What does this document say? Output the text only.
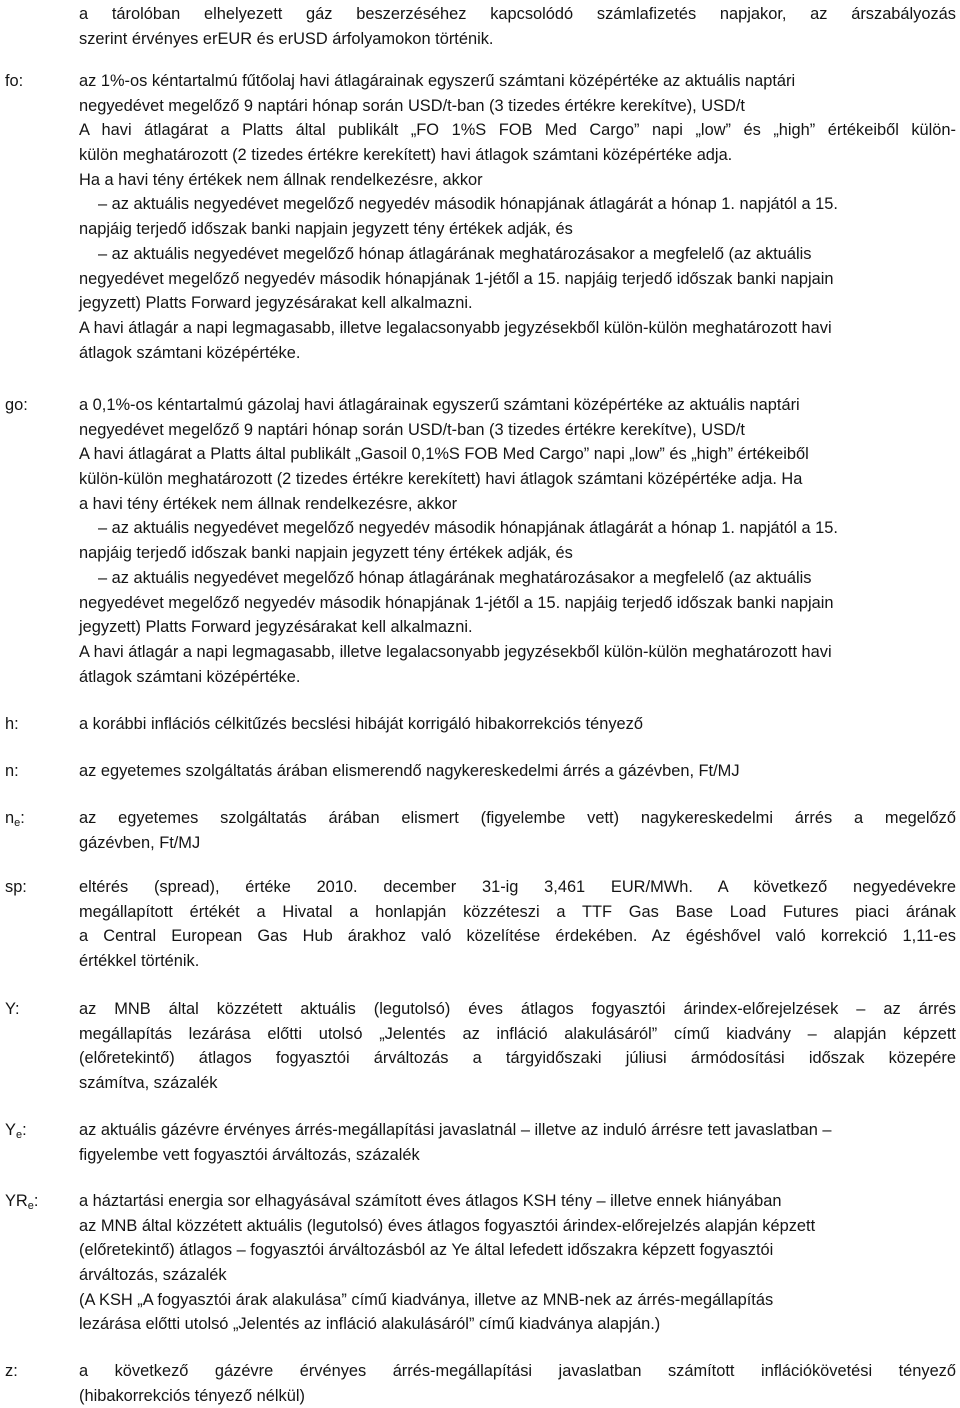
a tárolóban elhelyezett gáz beszerzéséhez kapcsolódó számlafizetés napjakor, az árszabályozás
szerint érvényes erEUR és erUSD árfolyamokon történik.
fo:	az 1%-os kéntartalmú fűtőolaj havi átlagárainak egyszerű számtani középértéke az aktuális naptári
negyedévet megelőző 9 naptári hónap során USD/t-ban (3 tizedes értékre kerekítve), USD/t
A havi átlagárat a Platts által publikált „FO 1%S FOB Med Cargo” napi „low” és „high” értékeiből külön-
külön meghatározott (2 tizedes értékre kerekített) havi átlagok számtani középértéke adja.
Ha a havi tény értékek nem állnak rendelkezésre, akkor
– az aktuális negyedévet megelőző negyedév második hónapjának átlagárát a hónap 1. napjától a 15.
napjáig terjedő időszak banki napjain jegyzett tény értékek adják, és
– az aktuális negyedévet megelőző hónap átlagárának meghatározásakor a megfelelő (az aktuális
negyedévet megelőző negyedév második hónapjának 1-jétől a 15. napjáig terjedő időszak banki napjain
jegyzett) Platts Forward jegyzésárakat kell alkalmazni.
A havi átlagár a napi legmagasabb, illetve legalacsonyabb jegyzésekből külön-külön meghatározott havi
átlagok számtani középértéke.
go:	a 0,1%-os kéntartalmú gázolaj havi átlagárainak egyszerű számtani középértéke az aktuális naptári
negyedévet megelőző 9 naptári hónap során USD/t-ban (3 tizedes értékre kerekítve), USD/t
A havi átlagárat a Platts által publikált „Gasoil 0,1%S FOB Med Cargo” napi „low” és „high” értékeiből
külön-külön meghatározott (2 tizedes értékre kerekített) havi átlagok számtani középértéke adja. Ha
a havi tény értékek nem állnak rendelkezésre, akkor
– az aktuális negyedévet megelőző negyedév második hónapjának átlagárát a hónap 1. napjától a 15.
napjáig terjedő időszak banki napjain jegyzett tény értékek adják, és
– az aktuális negyedévet megelőző hónap átlagárának meghatározásakor a megfelelő (az aktuális
negyedévet megelőző negyedév második hónapjának 1-jétől a 15. napjáig terjedő időszak banki napjain
jegyzett) Platts Forward jegyzésárakat kell alkalmazni.
A havi átlagár a napi legmagasabb, illetve legalacsonyabb jegyzésekből külön-külön meghatározott havi
átlagok számtani középértéke.
h:	a korábbi inflációs célkitűzés becslési hibáját korrigáló hibakorrekciós tényező
n:	az egyetemes szolgáltatás árában elismerendő nagykereskedelmi árrés a gázévben, Ft/MJ
$n_e$:	az egyetemes szolgáltatás árában elismert (figyelembe vett) nagykereskedelmi árrés a megelőző
gázévben, Ft/MJ
sp:	eltérés (spread), értéke 2010. december 31-ig 3,461 EUR/MWh. A következő negyedévekre
megállapított értékét a Hivatal a honlapján közzéteszi a TTF Gas Base Load Futures piaci árának
a Central European Gas Hub árakhoz való közelítése érdekében. Az égéshővel való korrekció 1,11-es
értékkel történik.
Y:	az MNB által közzétett aktuális (legutolsó) éves átlagos fogyasztói árindex-előrejelzések – az árrés
megállapítás lezárása előtti utolsó „Jelentés az infláció alakulásáról” című kiadvány – alapján képzett
(előretekintő) átlagos fogyasztói árváltozás a tárgyidőszaki júliusi ármódosítási időszak közepére
számítva, százalék
$Y_e$:	az aktuális gázévre érvényes árrés-megállapítási javaslatnál – illetve az induló árrésre tett javaslatban –
figyelembe vett fogyasztói árváltozás, százalék
$YR_e$: a háztartási energia sor elhagyásával számított éves átlagos KSH tény – illetve ennek hiányában
az MNB által közzétett aktuális (legutolsó) éves átlagos fogyasztói árindex-előrejelzés alapján képzett
(előretekintő) átlagos – fogyasztói árváltozásból az Ye által lefedett időszakra képzett fogyasztói
árváltozás, százalék
(A KSH „A fogyasztói árak alakulása” című kiadványa, illetve az MNB-nek az árrés-megállapítás
lezárása előtti utolsó „Jelentés az infláció alakulásáról” című kiadványa alapján.)
z:	a következő gázévre érvényes árrés-megállapítási javaslatban számított inflációkövetési tényező
(hibakorrekciós tényező nélkül)
